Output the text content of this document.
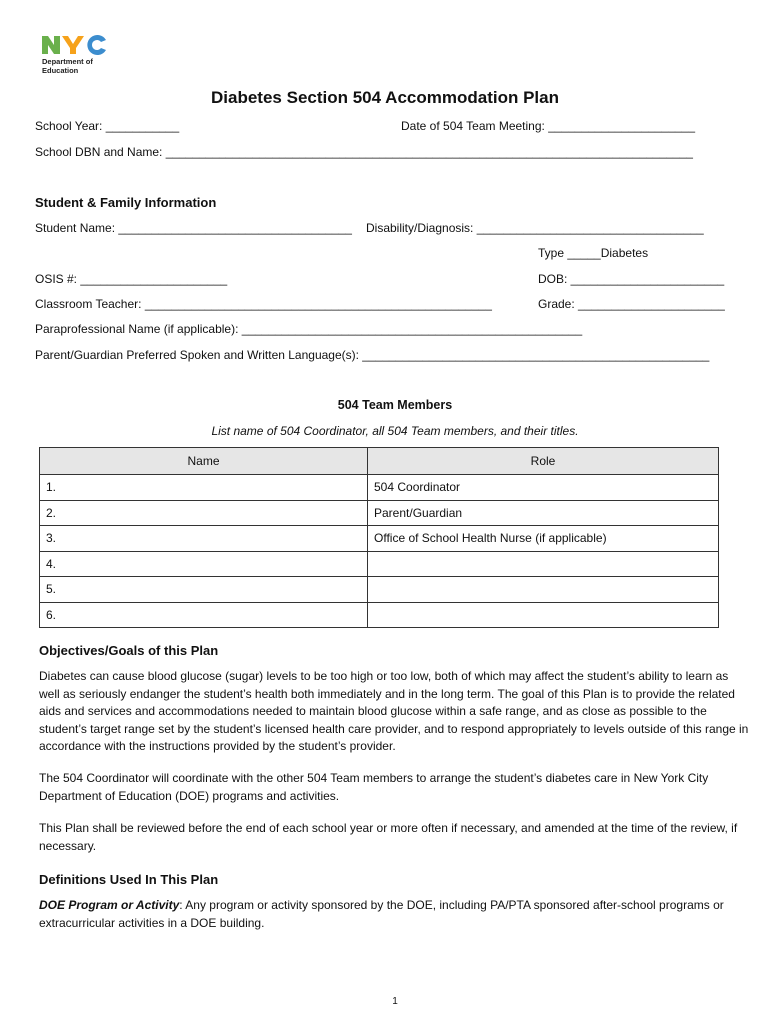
Department of
Education
Diabetes Section 504 Accommodation Plan
School Year: ___________	Date of 504 Team Meeting: ______________________
School DBN and Name: _______________________________________________________________________________
Student & Family Information
Student Name: ___________________________________ Disability/Diagnosis: __________________________________
Type _____Diabetes
OSIS #: ______________________	DOB: _______________________
Classroom Teacher: ____________________________________________________	Grade: ______________________
Paraprofessional Name (if applicable): ___________________________________________________
Parent/Guardian Preferred Spoken and Written Language(s): ____________________________________________________
504 Team Members
List name of 504 Coordinator, all 504 Team members, and their titles.
Name	Role
1.	504 Coordinator
2.	Parent/Guardian
3.	Office of School Health Nurse (if applicable)
4.	
5.	
6.	
Objectives/Goals of this Plan
Diabetes can cause blood glucose (sugar) levels to be too high or too low, both of which may affect the student’s ability to learn as well as seriously endanger the student’s health both immediately and in the long term. The goal of this Plan is to provide the related aids and services and accommodations needed to maintain blood glucose within a safe range, and as close as possible to the student’s target range set by the student’s licensed health care provider, and to respond appropriately to levels outside of this range in accordance with the instructions provided by the student’s provider.
The 504 Coordinator will coordinate with the other 504 Team members to arrange the student’s diabetes care in New York City Department of Education (DOE) programs and activities.
This Plan shall be reviewed before the end of each school year or more often if necessary, and amended at the time of the review, if necessary.
Definitions Used In This Plan
DOE Program or Activity: Any program or activity sponsored by the DOE, including PA/PTA sponsored after-school programs or extracurricular activities in a DOE building.
1
